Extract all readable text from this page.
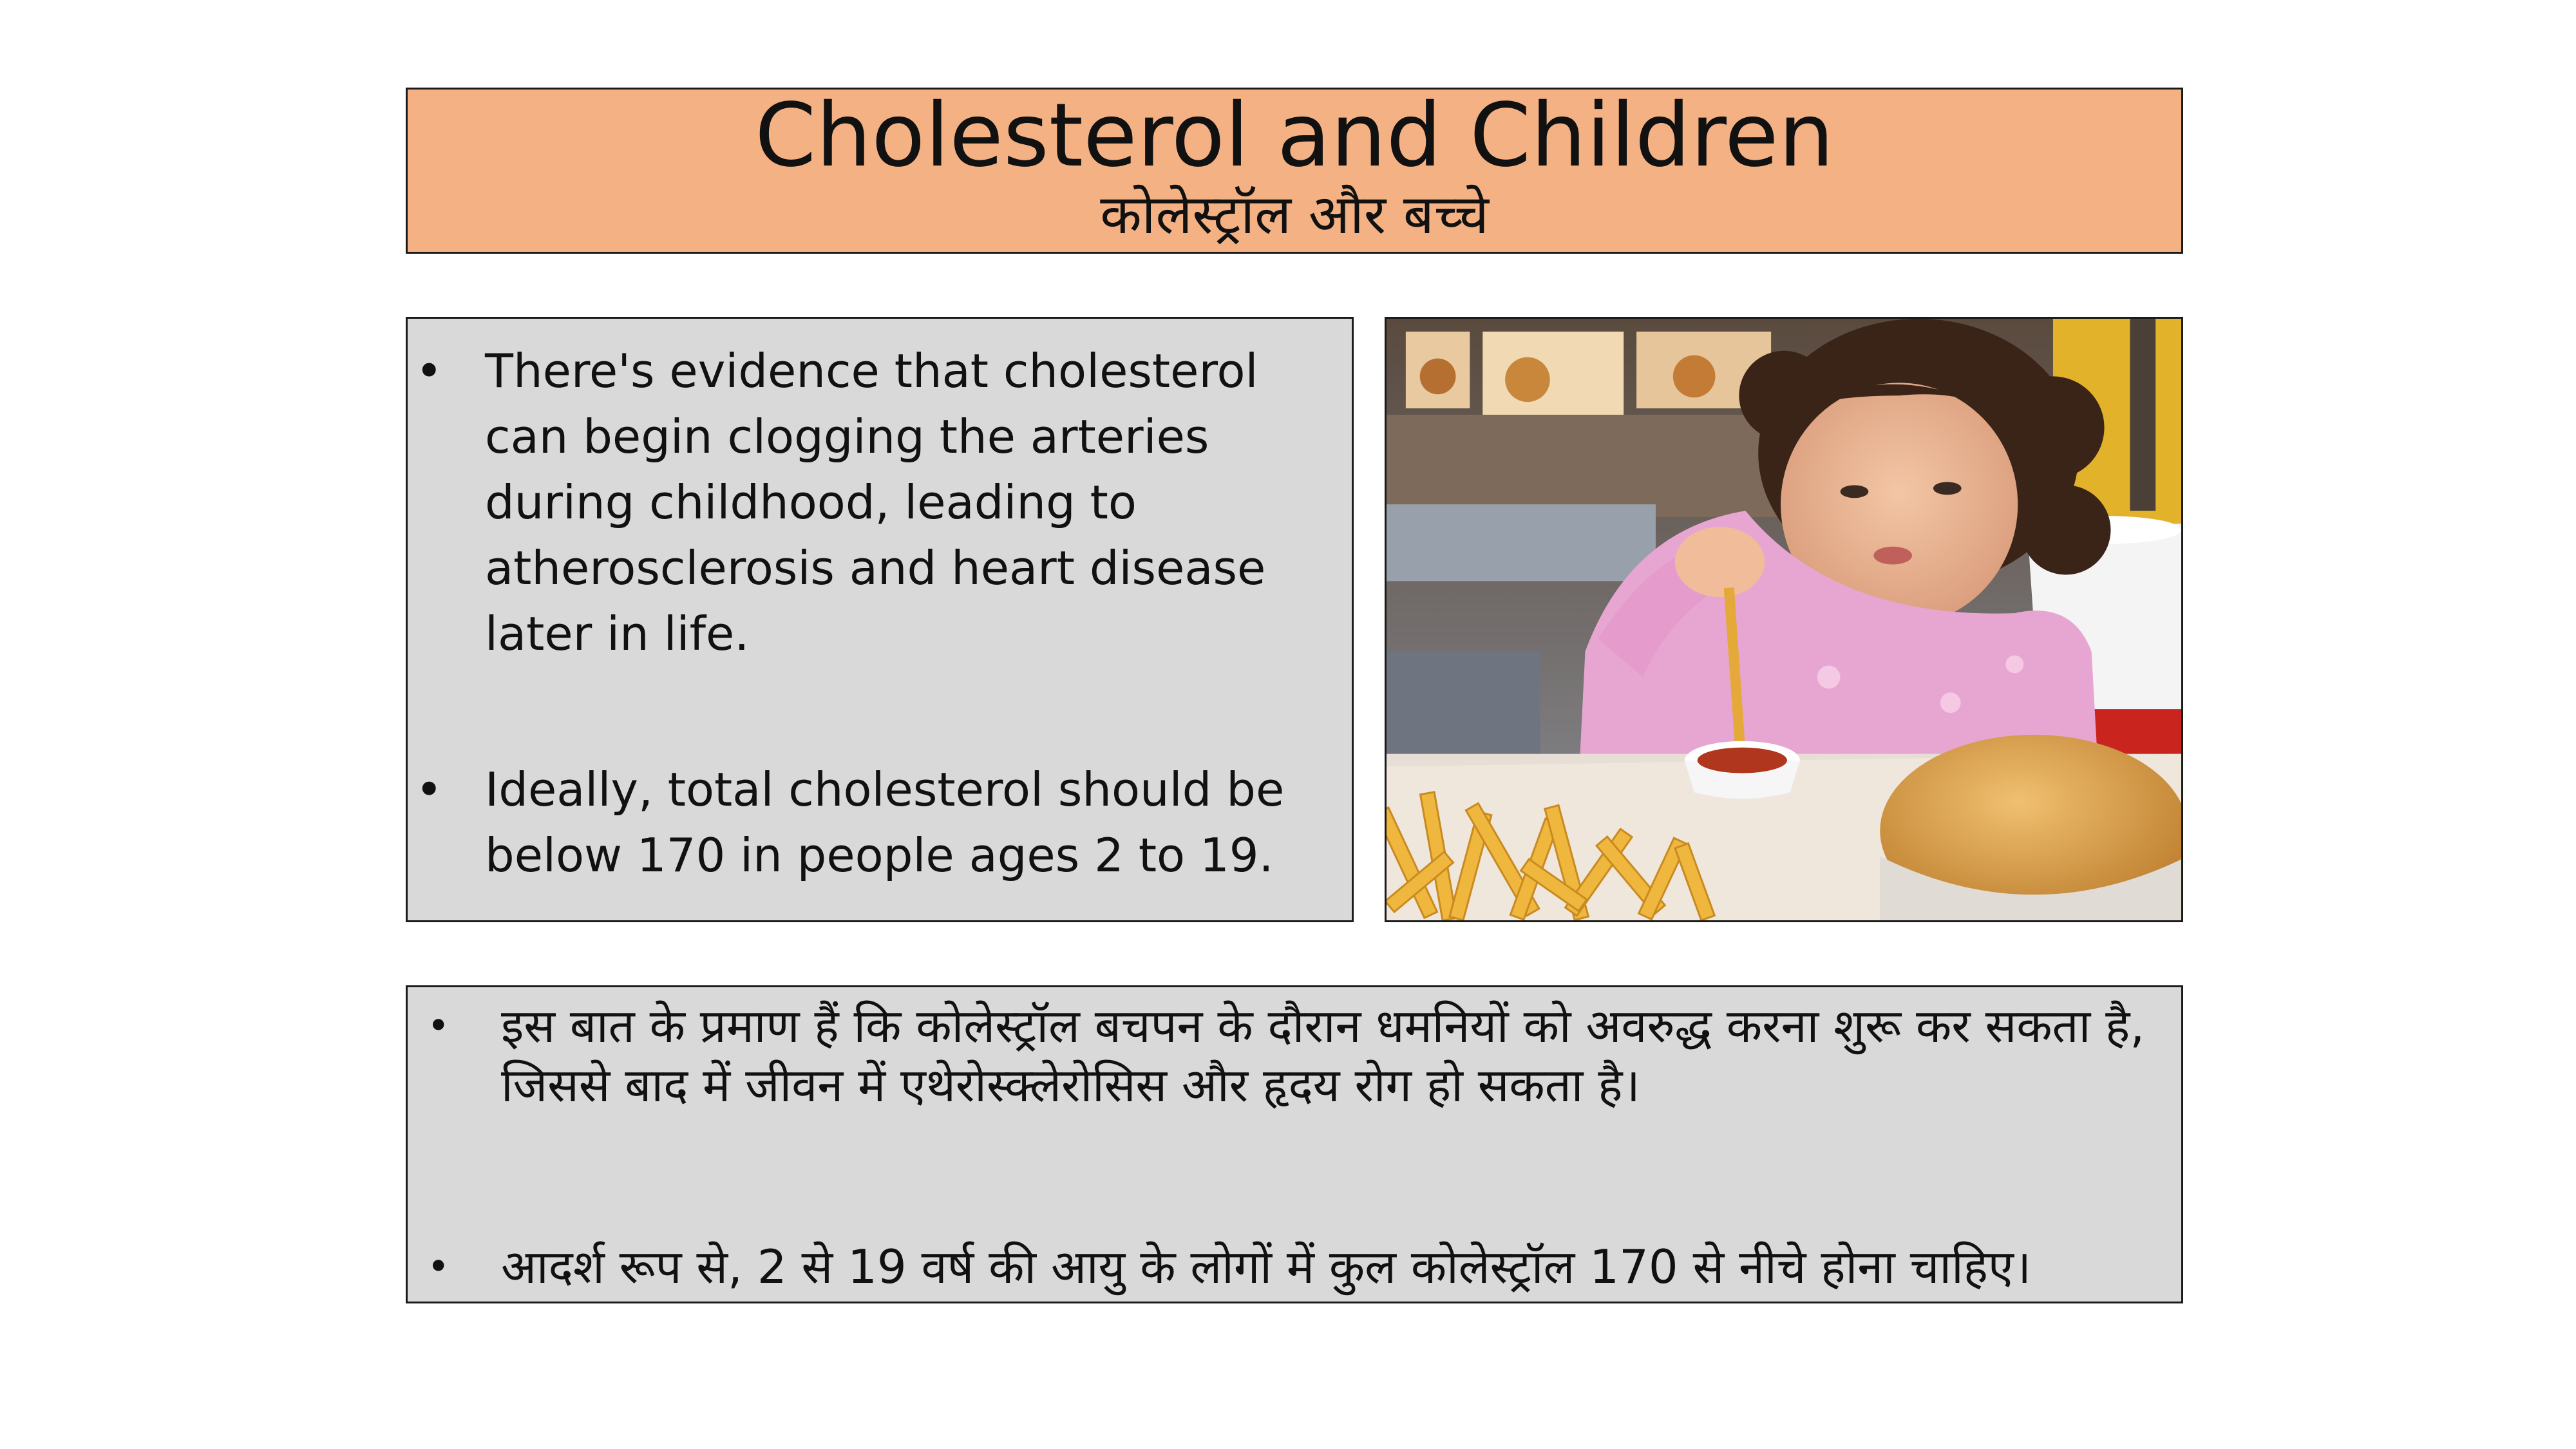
Cholesterol and Children
कोलेस्ट्रॉल और बच्चे
• There's evidence that cholesterol can begin clogging the arteries during childhood, leading to atherosclerosis and heart disease later in life.
• Ideally, total cholesterol should be below 170 in people ages 2 to 19.
• इस बात के प्रमाण हैं कि कोलेस्ट्रॉल बचपन के दौरान धमनियों को अवरुद्ध करना शुरू कर सकता है, जिससे बाद में जीवन में एथेरोस्क्लेरोसिस और हृदय रोग हो सकता है।
• आदर्श रूप से, 2 से 19 वर्ष की आयु के लोगों में कुल कोलेस्ट्रॉल 170 से नीचे होना चाहिए।
